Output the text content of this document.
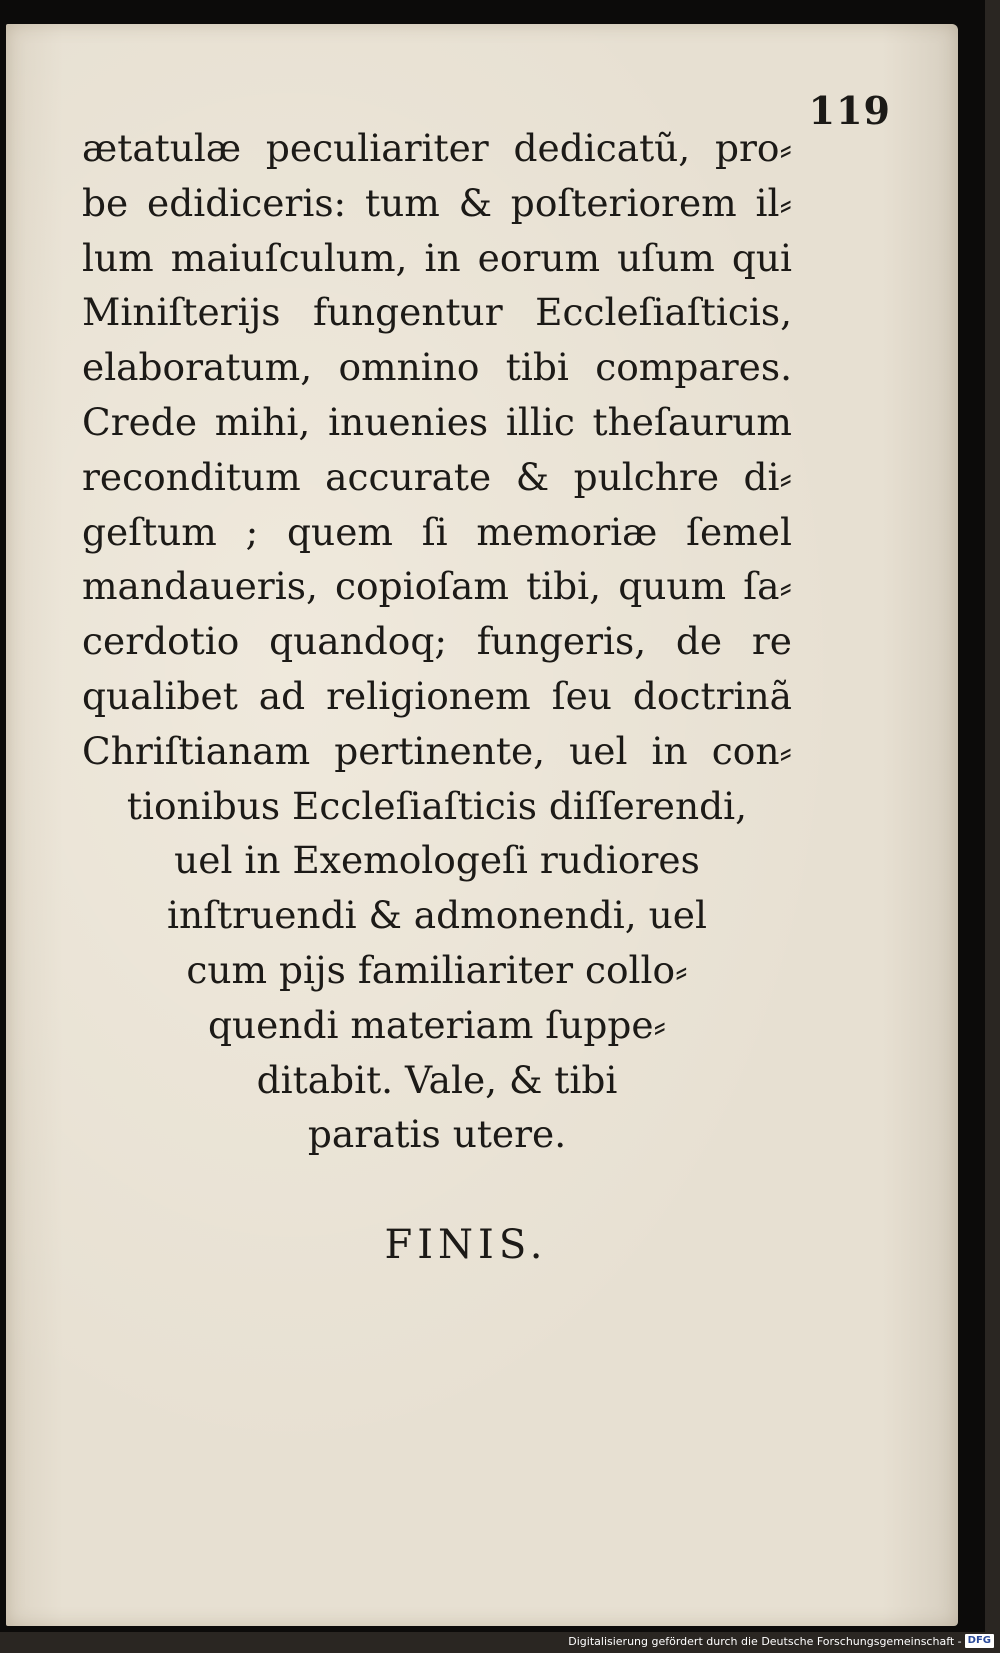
119
ætatulæ peculiariter dedicatũ, pro⸗
be edidiceris: tum & poſteriorem il⸗
lum maiuſculum, in eorum uſum qui
Miniſterijs fungentur Eccleſiaſticis,
elaboratum, omnino tibi compares.
Crede mihi, inuenies illic theſaurum
reconditum accurate & pulchre di⸗
geſtum ; quem ſi memoriæ ſemel
mandaueris, copioſam tibi, quum ſa⸗
cerdotio quandoq; fungeris, de re
qualibet ad religionem ſeu doctrinã
Chriſtianam pertinente, uel in con⸗
tionibus Eccleſiaſticis diſſerendi,
uel in Exemologeſi rudiores
inſtruendi & admonendi, uel
cum pijs familiariter collo⸗
quendi materiam ſuppe⸗
ditabit. Vale, & tibi
paratis utere.
FINIS.
Digitalisierung gefördert durch die Deutsche Forschungsgemeinschaft - DFG
